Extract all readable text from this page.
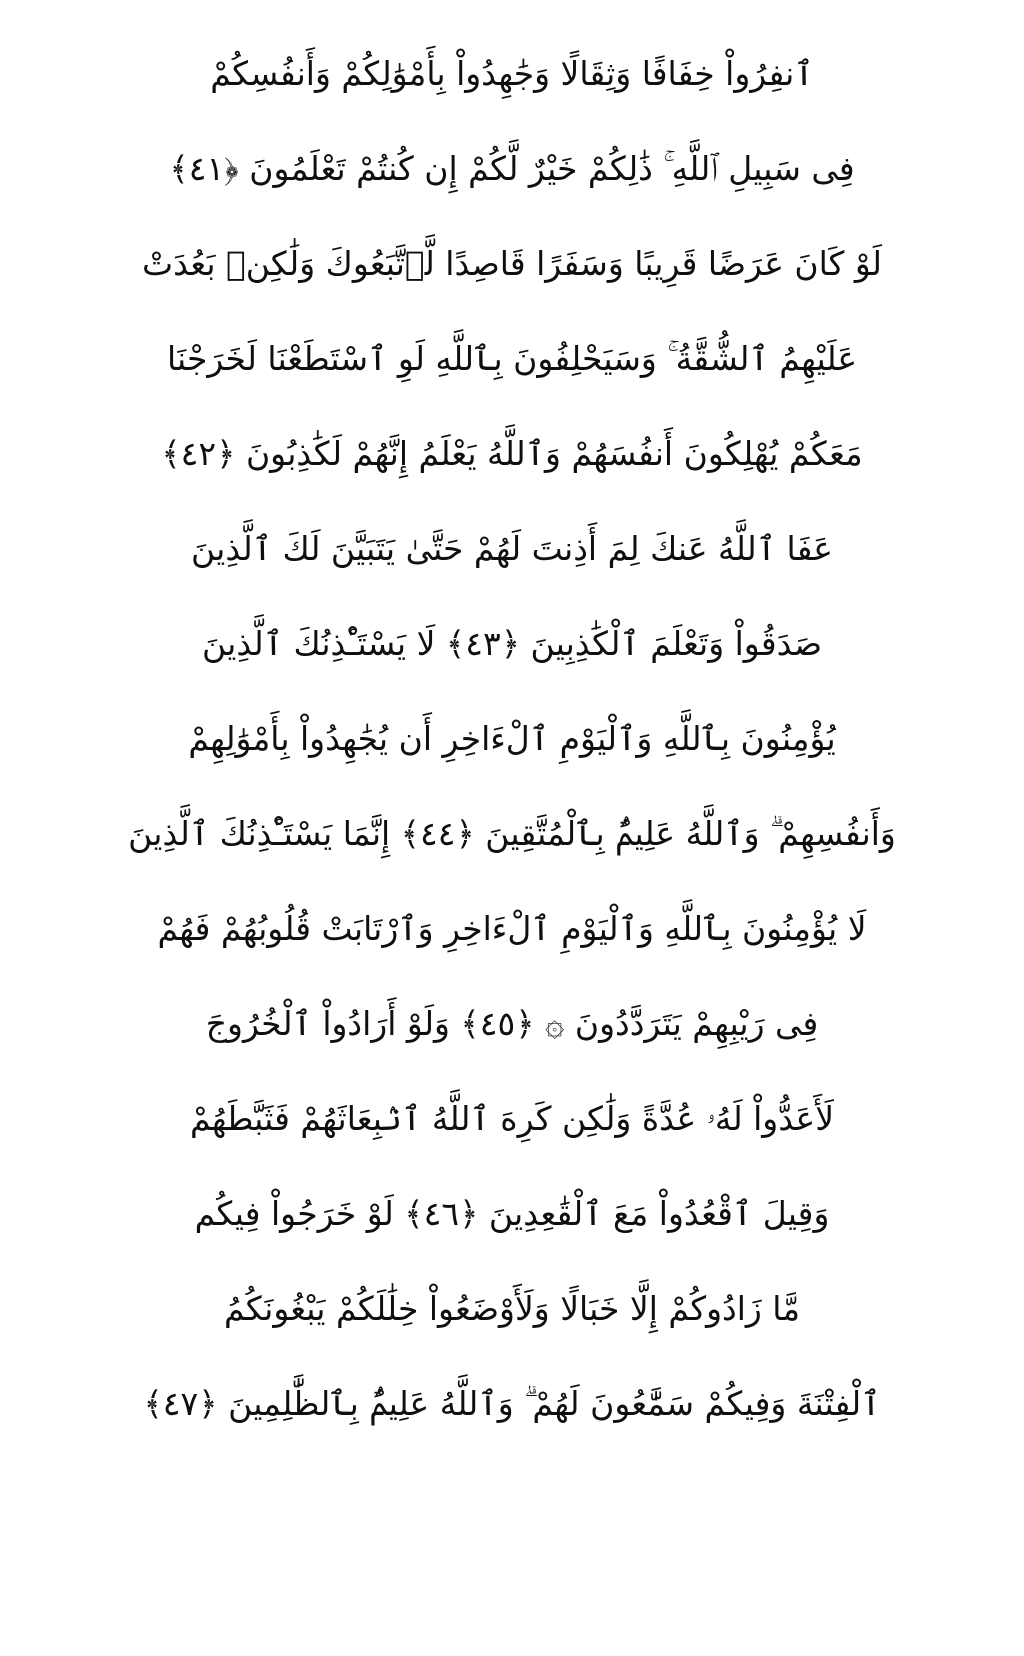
ٱنفِرُواْ خِفَافًا وَثِقَالًا وَجَٰهِدُواْ بِأَمْوَٰلِكُمْ وَأَنفُسِكُمْ
فِى سَبِيلِ ٱللَّهِ ۚ ذَٰلِكُمْ خَيْرٌ لَّكُمْ إِن كُنتُمْ تَعْلَمُونَ ﴿٤١﴾
لَوْ كَانَ عَرَضًا قَرِيبًا وَسَفَرًا قَاصِدًا لَّٱتَّبَعُوكَ وَلَٰكِنۢ بَعُدَتْ
عَلَيْهِمُ ٱلشُّقَّةُ ۚ وَسَيَحْلِفُونَ بِٱللَّهِ لَوِ ٱسْتَطَعْنَا لَخَرَجْنَا
مَعَكُمْ يُهْلِكُونَ أَنفُسَهُمْ وَٱللَّهُ يَعْلَمُ إِنَّهُمْ لَكَٰذِبُونَ ﴿٤٢﴾
عَفَا ٱللَّهُ عَنكَ لِمَ أَذِنتَ لَهُمْ حَتَّىٰ يَتَبَيَّنَ لَكَ ٱلَّذِينَ
صَدَقُواْ وَتَعْلَمَ ٱلْكَٰذِبِينَ ﴿٤٣﴾ لَا يَسْتَـْٔذِنُكَ ٱلَّذِينَ
يُؤْمِنُونَ بِٱللَّهِ وَٱلْيَوْمِ ٱلْءَاخِرِ أَن يُجَٰهِدُواْ بِأَمْوَٰلِهِمْ
وَأَنفُسِهِمْ ۗ وَٱللَّهُ عَلِيمٌۢ بِٱلْمُتَّقِينَ ﴿٤٤﴾ إِنَّمَا يَسْتَـْٔذِنُكَ ٱلَّذِينَ
لَا يُؤْمِنُونَ بِٱللَّهِ وَٱلْيَوْمِ ٱلْءَاخِرِ وَٱرْتَابَتْ قُلُوبُهُمْ فَهُمْ
فِى رَيْبِهِمْ يَتَرَدَّدُونَ ۞ ﴿٤٥﴾ وَلَوْ أَرَادُواْ ٱلْخُرُوجَ
لَأَعَدُّواْ لَهُۥ عُدَّةً وَلَٰكِن كَرِهَ ٱللَّهُ ٱنۢبِعَاثَهُمْ فَثَبَّطَهُمْ
وَقِيلَ ٱقْعُدُواْ مَعَ ٱلْقَٰعِدِينَ ﴿٤٦﴾ لَوْ خَرَجُواْ فِيكُم
مَّا زَادُوكُمْ إِلَّا خَبَالًا وَلَأَوْضَعُواْ خِلَٰلَكُمْ يَبْغُونَكُمُ
ٱلْفِتْنَةَ وَفِيكُمْ سَمَّٰعُونَ لَهُمْ ۗ وَٱللَّهُ عَلِيمٌۢ بِٱلظَّٰلِمِينَ ﴿٤٧﴾
